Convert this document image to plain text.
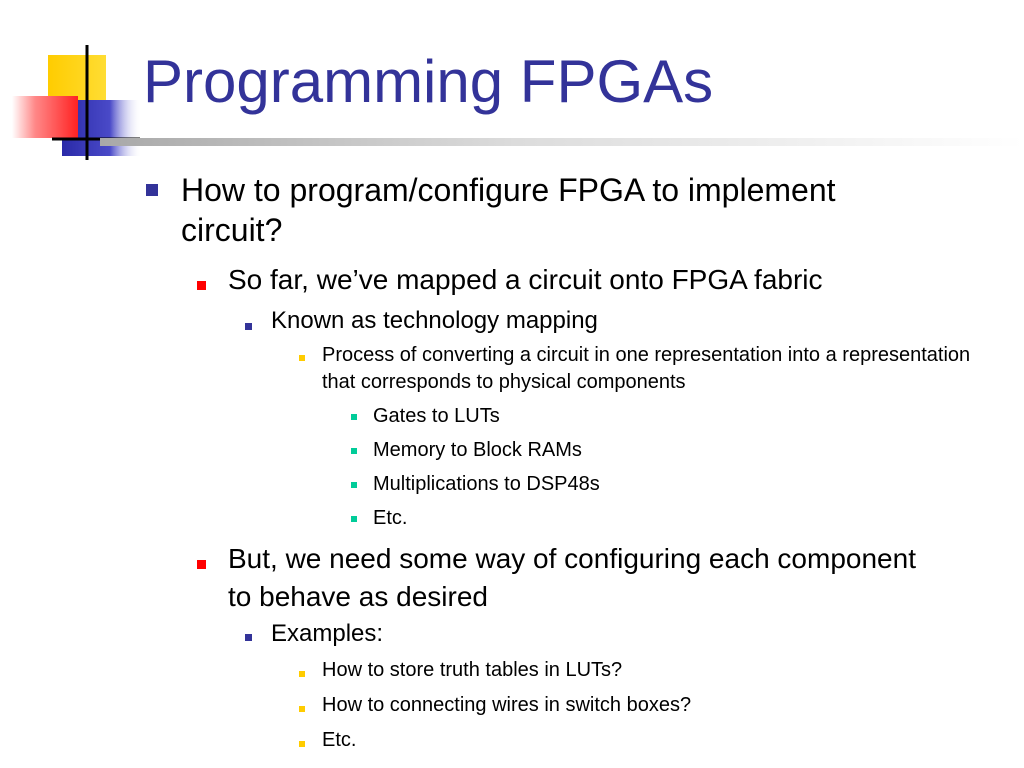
Programming FPGAs
How to program/configure FPGA to implement circuit?
So far, we’ve mapped a circuit onto FPGA fabric
Known as technology mapping
Process of converting a circuit in one representation into a representation that corresponds to physical components
Gates to LUTs
Memory to Block RAMs
Multiplications to DSP48s
Etc.
But, we need some way of configuring each component to behave as desired
Examples:
How to store truth tables in LUTs?
How to connecting wires in switch boxes?
Etc.
